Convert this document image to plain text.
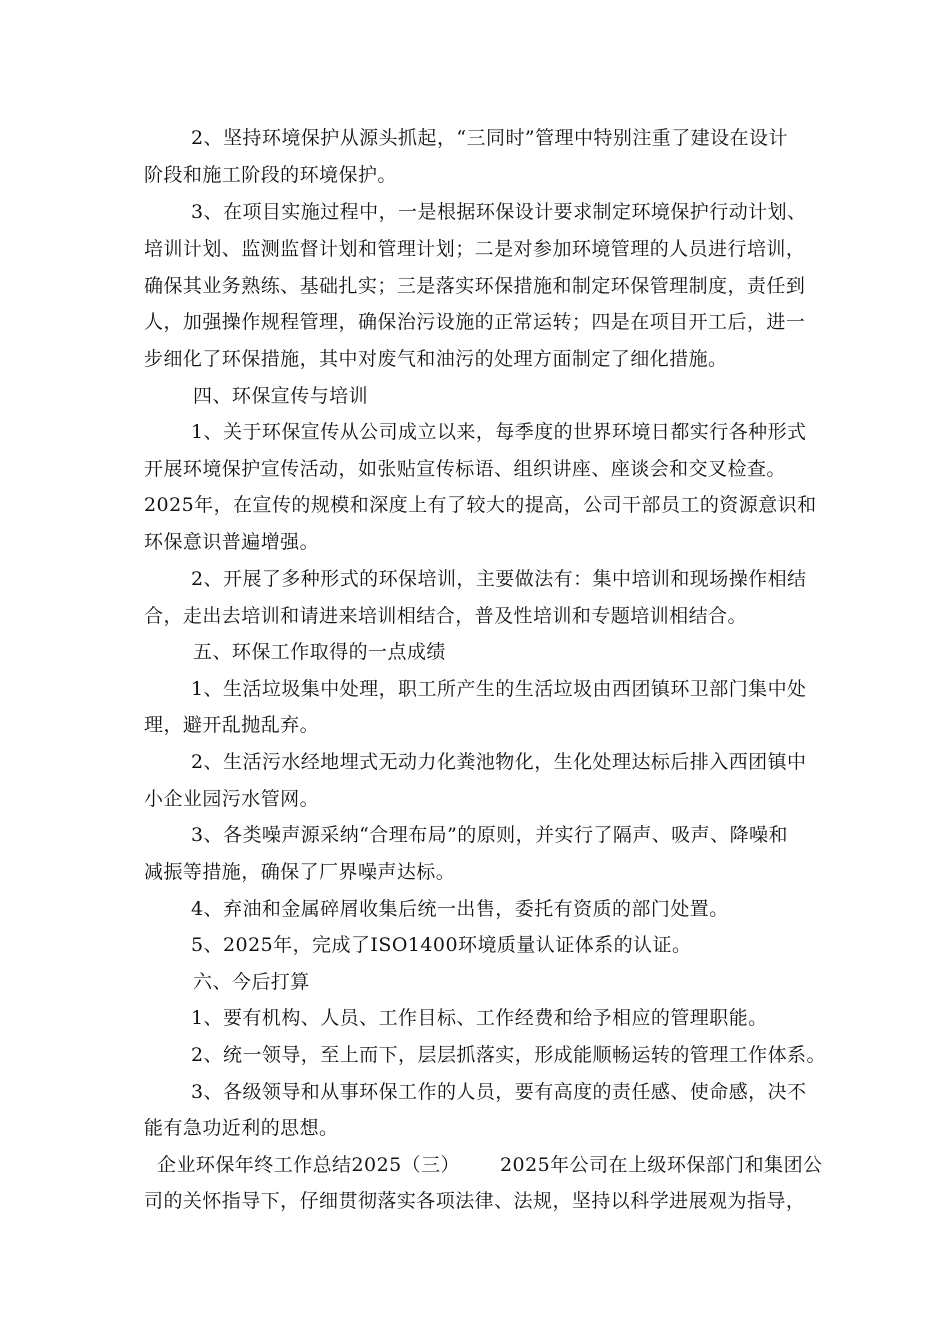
2、坚持环境保护从源头抓起，“三同时”管理中特别注重了建设在设计
阶段和施工阶段的环境保护。
3、在项目实施过程中，一是根据环保设计要求制定环境保护行动计划、
培训计划、监测监督计划和管理计划；二是对参加环境管理的人员进行培训，
确保其业务熟练、基础扎实；三是落实环保措施和制定环保管理制度，责任到
人，加强操作规程管理，确保治污设施的正常运转；四是在项目开工后，进一
步细化了环保措施，其中对废气和油污的处理方面制定了细化措施。
四、环保宣传与培训
1、关于环保宣传从公司成立以来，每季度的世界环境日都实行各种形式
开展环境保护宣传活动，如张贴宣传标语、组织讲座、座谈会和交叉检查。
2025年，在宣传的规模和深度上有了较大的提高，公司干部员工的资源意识和
环保意识普遍增强。
2、开展了多种形式的环保培训，主要做法有：集中培训和现场操作相结
合，走出去培训和请进来培训相结合，普及性培训和专题培训相结合。
五、环保工作取得的一点成绩
1、生活垃圾集中处理，职工所产生的生活垃圾由西团镇环卫部门集中处
理，避开乱抛乱弃。
2、生活污水经地埋式无动力化粪池物化，生化处理达标后排入西团镇中
小企业园污水管网。
3、各类噪声源采纳“合理布局”的原则，并实行了隔声、吸声、降噪和
减振等措施，确保了厂界噪声达标。
4、弃油和金属碎屑收集后统一出售，委托有资质的部门处置。
5、2025年，完成了ISO1400环境质量认证体系的认证。
六、今后打算
1、要有机构、人员、工作目标、工作经费和给予相应的管理职能。
2、统一领导，至上而下，层层抓落实，形成能顺畅运转的管理工作体系。
3、各级领导和从事环保工作的人员，要有高度的责任感、使命感，决不
能有急功近利的思想。
企业环保年终工作总结2025（三） 2025年公司在上级环保部门和集团公
司的关怀指导下，仔细贯彻落实各项法律、法规，坚持以科学进展观为指导，
